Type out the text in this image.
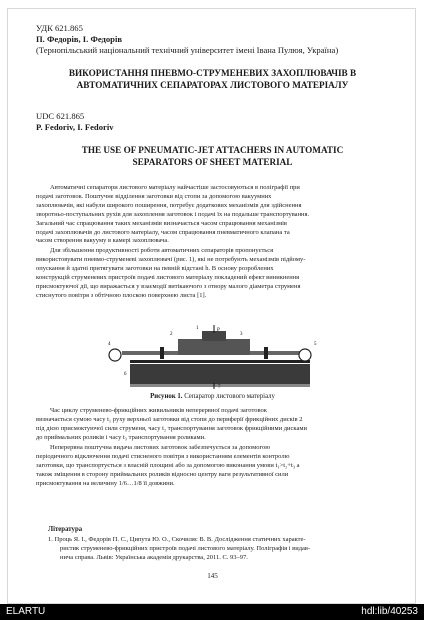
УДК 621.865
П. Федорів, І. Федорів
(Тернопільський національний технічний університет імені Івана Пулюя, Україна)
ВИКОРИСТАННЯ ПНЕВМО-СТРУМЕНЕВИХ ЗАХОПЛЮВАЧІВ В
АВТОМАТИЧНИХ СЕПАРАТОРАХ ЛИСТОВОГО МАТЕРІАЛУ
UDC 621.865
P. Fedoriv, I. Fedoriv
THE USE OF PNEUMATIC-JET ATTACHERS IN AUTOMATIC
SEPARATORS OF SHEET MATERIAL
Автоматичні сепаратори листового матеріалу найчастіше застосовуються в поліграфії при
подачі заготовок. Поштучне відділення заготовки від стопи за допомогою вакуумних
захоплювачів, які набули широкого поширення, потребує додаткових механізмів для здійснення
зворотньо-поступальних рухів для захоплення заготовок і подачі їх на подальше транспортування.
Загальний час спрацювання таких механізмів визначається часом спрацювання механізмів
подачі захоплювачів до листового матеріалу, часом спрацювання пневматичного клапана та
часом створення вакууму в камері захоплювача.
Для збільшення продуктивності роботи автоматичних сепараторів пропонується
використовувати пневмо-струменеві захоплювачі (рис. 1), які не потребують механізмів підйому-
опускання й здатні притягувати заготовки на певній відстані h. В основу розроблених
конструкцій струменевих пристроїв подачі листового матеріалу покладений ефект виникнення
присмоктуючої дії, що виражається у взаємодії витікаючого з отвору малого діаметра струменя
стиснутого повітря з обтічною плоскою поверхнею листа [1].
P
1
2	3
4	5
6
7
Рисунок 1. Сепаратор листового матеріалу
Час циклу струменево-фрикційних живильників неперервної подачі заготовок
визначається сумою часу t₁ руху верхньої заготовки від стопи до периферії фрикційних дисків 2
під дією присмоктуючої сили струменя, часу t₂ транспортування заготовок фрикційними дисками
до приймальних роликів і часу t₃ транспортування роликами.
Неперервна поштучна видача листових заготовок забезпечується за допомогою
періодичного відключення подачі стисненого повітря з використанням елементів контролю
заготовки, що транспортується з власній площині або за допомогою виконання умови t₁>t₂+t₃ а
також зміщення в сторону приймальних роликів відносно центру ваги результативної сили
присмоктування на величину 1/6…1/8 її довжини.
Література
1. Проць Я. І., Федорів П. С., Ципута Ю. О., Скочиляс В. В. Дослідження статичних характе-
ристик струменево-фрикційних пристроїв подачі листового матеріалу. Поліграфія і видав-
нича справа. Львів: Українська академія друкарства, 2011. С. 93–97.
145
ELARTU	hdl:lib/40253
